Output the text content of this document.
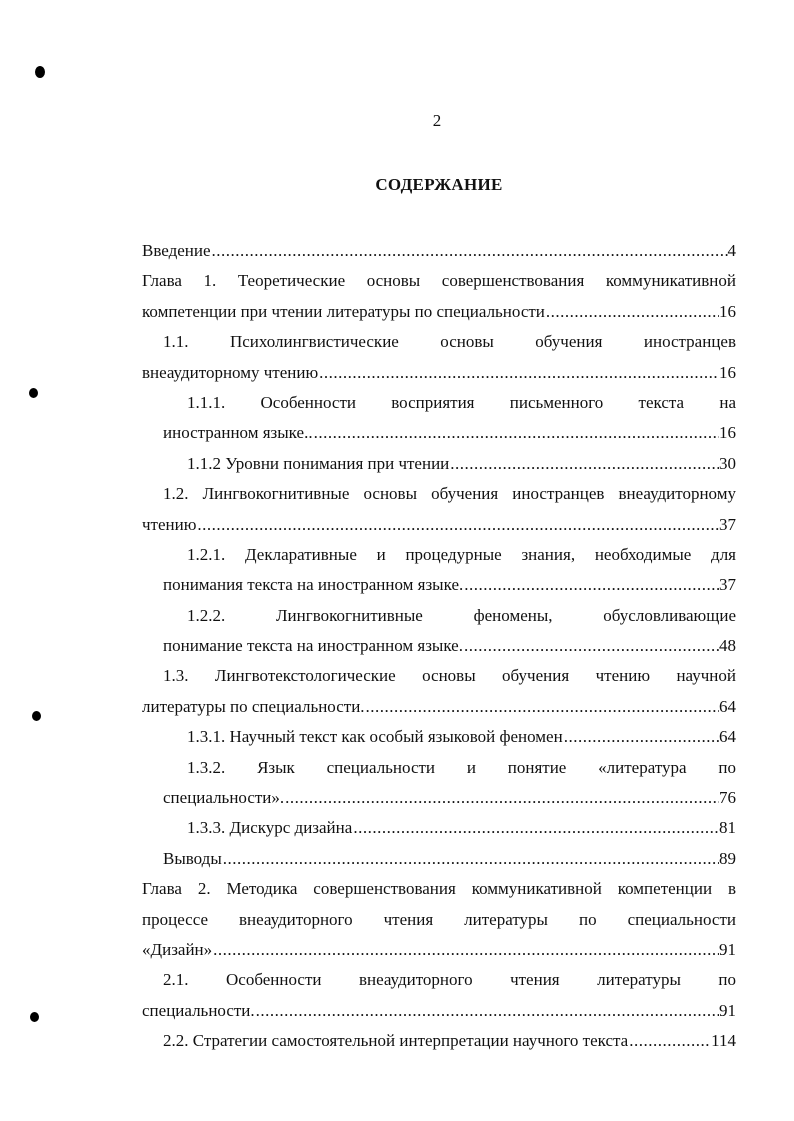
2
СОДЕРЖАНИЕ
Введение .....	4
Глава 1. Теоретические основы совершенствования коммуникативной
компетенции при чтении литературы по специальности .....	16
1.1. Психолингвистические основы обучения иностранцев
внеаудиторному чтению .....	16
1.1.1. Особенности восприятия письменного текста на
иностранном языке.. .....	16
1.1.2 Уровни понимания при чтении .....	30
1.2. Лингвокогнитивные основы обучения иностранцев внеаудиторному
чтению .....	37
1.2.1. Декларативные и процедурные знания, необходимые для
понимания текста на иностранном языке. .....	37
1.2.2. Лингвокогнитивные феномены, обусловливающие
понимание текста на иностранном языке. .....	48
1.3. Лингвотекстологические основы обучения чтению научной
литературы по специальности. .....	64
1.3.1. Научный текст как особый языковой феномен .....	64
1.3.2. Язык специальности и понятие «литература по
специальности». .....	76
1.3.3. Дискурс дизайна .....	81
Выводы .....	89
Глава 2. Методика совершенствования коммуникативной компетенции в
процессе внеаудиторного чтения литературы по специальности
«Дизайн» .....	91
2.1. Особенности внеаудиторного чтения литературы по
специальности. .....	91
2.2. Стратегии самостоятельной интерпретации научного текста .....	114
